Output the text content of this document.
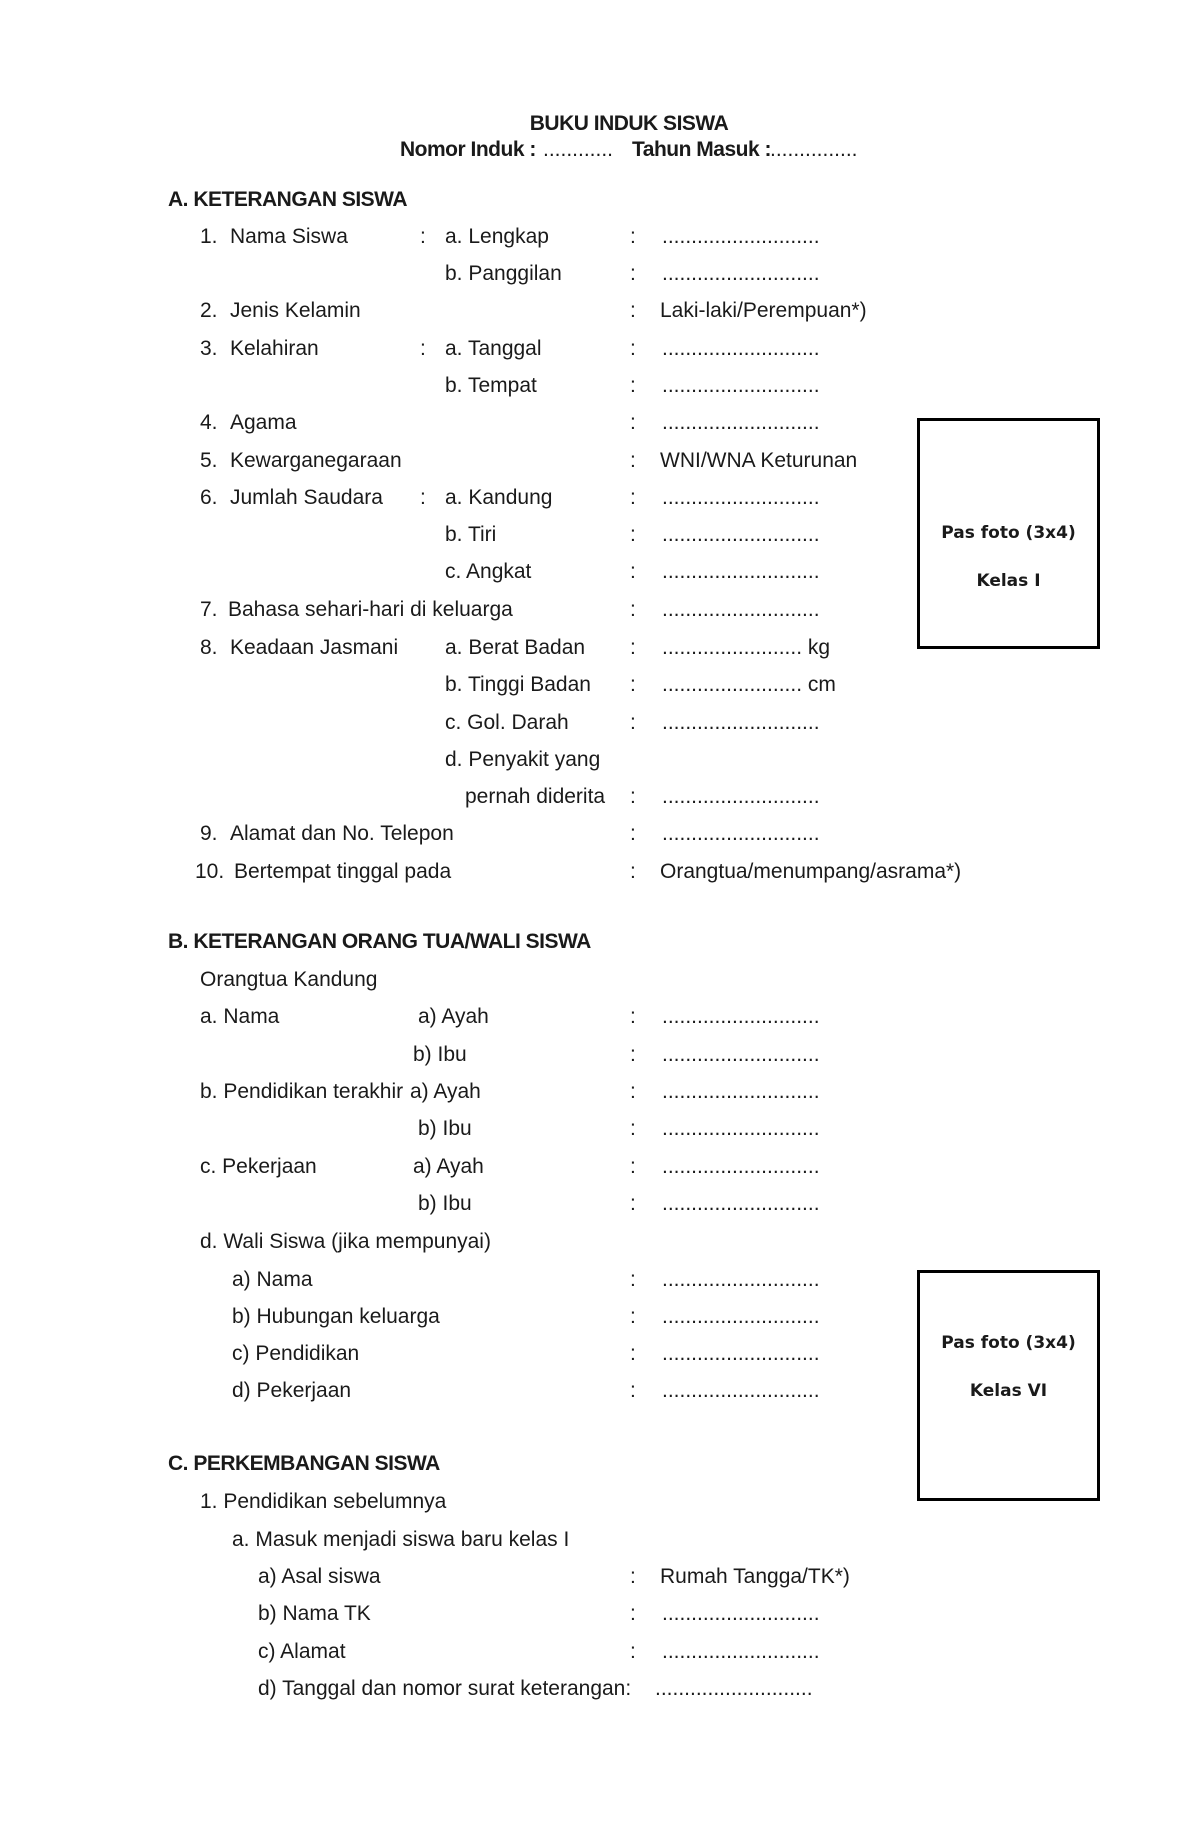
BUKU INDUK SISWA
Nomor Induk : ............ Tahun Masuk : ...............
A. KETERANGAN SISWA
1. Nama Siswa	: a. Lengkap	: ...........................
b. Panggilan	: ...........................
2. Jenis Kelamin	: Laki-laki/Perempuan*)
3. Kelahiran	: a. Tanggal	: ...........................
b. Tempat	: ...........................
4. Agama	: ...........................
5. Kewarganegaraan	: WNI/WNA Keturunan
6. Jumlah Saudara : a. Kandung	: ...........................
b. Tiri	: ...........................
c. Angkat	: ...........................
7. Bahasa sehari-hari di keluarga	: ...........................
8. Keadaan Jasmani a. Berat Badan : ........................ kg
b. Tinggi Badan : ........................ cm
c. Gol. Darah	: ...........................
d. Penyakit yang
pernah diderita : ...........................
9. Alamat dan No. Telepon	: ...........................
10. Bertempat tinggal pada	: Orangtua/menumpang/asrama*)
Pas foto (3x4)
Kelas I
B. KETERANGAN ORANG TUA/WALI SISWA
Orangtua Kandung
a. Nama	a) Ayah	: ...........................
b) Ibu	: ...........................
b. Pendidikan terakhir a) Ayah	: ...........................
b) Ibu	: ...........................
c. Pekerjaan	a) Ayah	: ...........................
b) Ibu	: ...........................
d. Wali Siswa (jika mempunyai)
a) Nama	: ...........................
b) Hubungan keluarga	: ...........................
c) Pendidikan	: ...........................
d) Pekerjaan	: ...........................
Pas foto (3x4)
Kelas VI
C. PERKEMBANGAN SISWA
1. Pendidikan sebelumnya
a. Masuk menjadi siswa baru kelas I
a) Asal siswa	: Rumah Tangga/TK*)
b) Nama TK	: ...........................
c) Alamat	: ...........................
d) Tanggal dan nomor surat keterangan: ...........................
